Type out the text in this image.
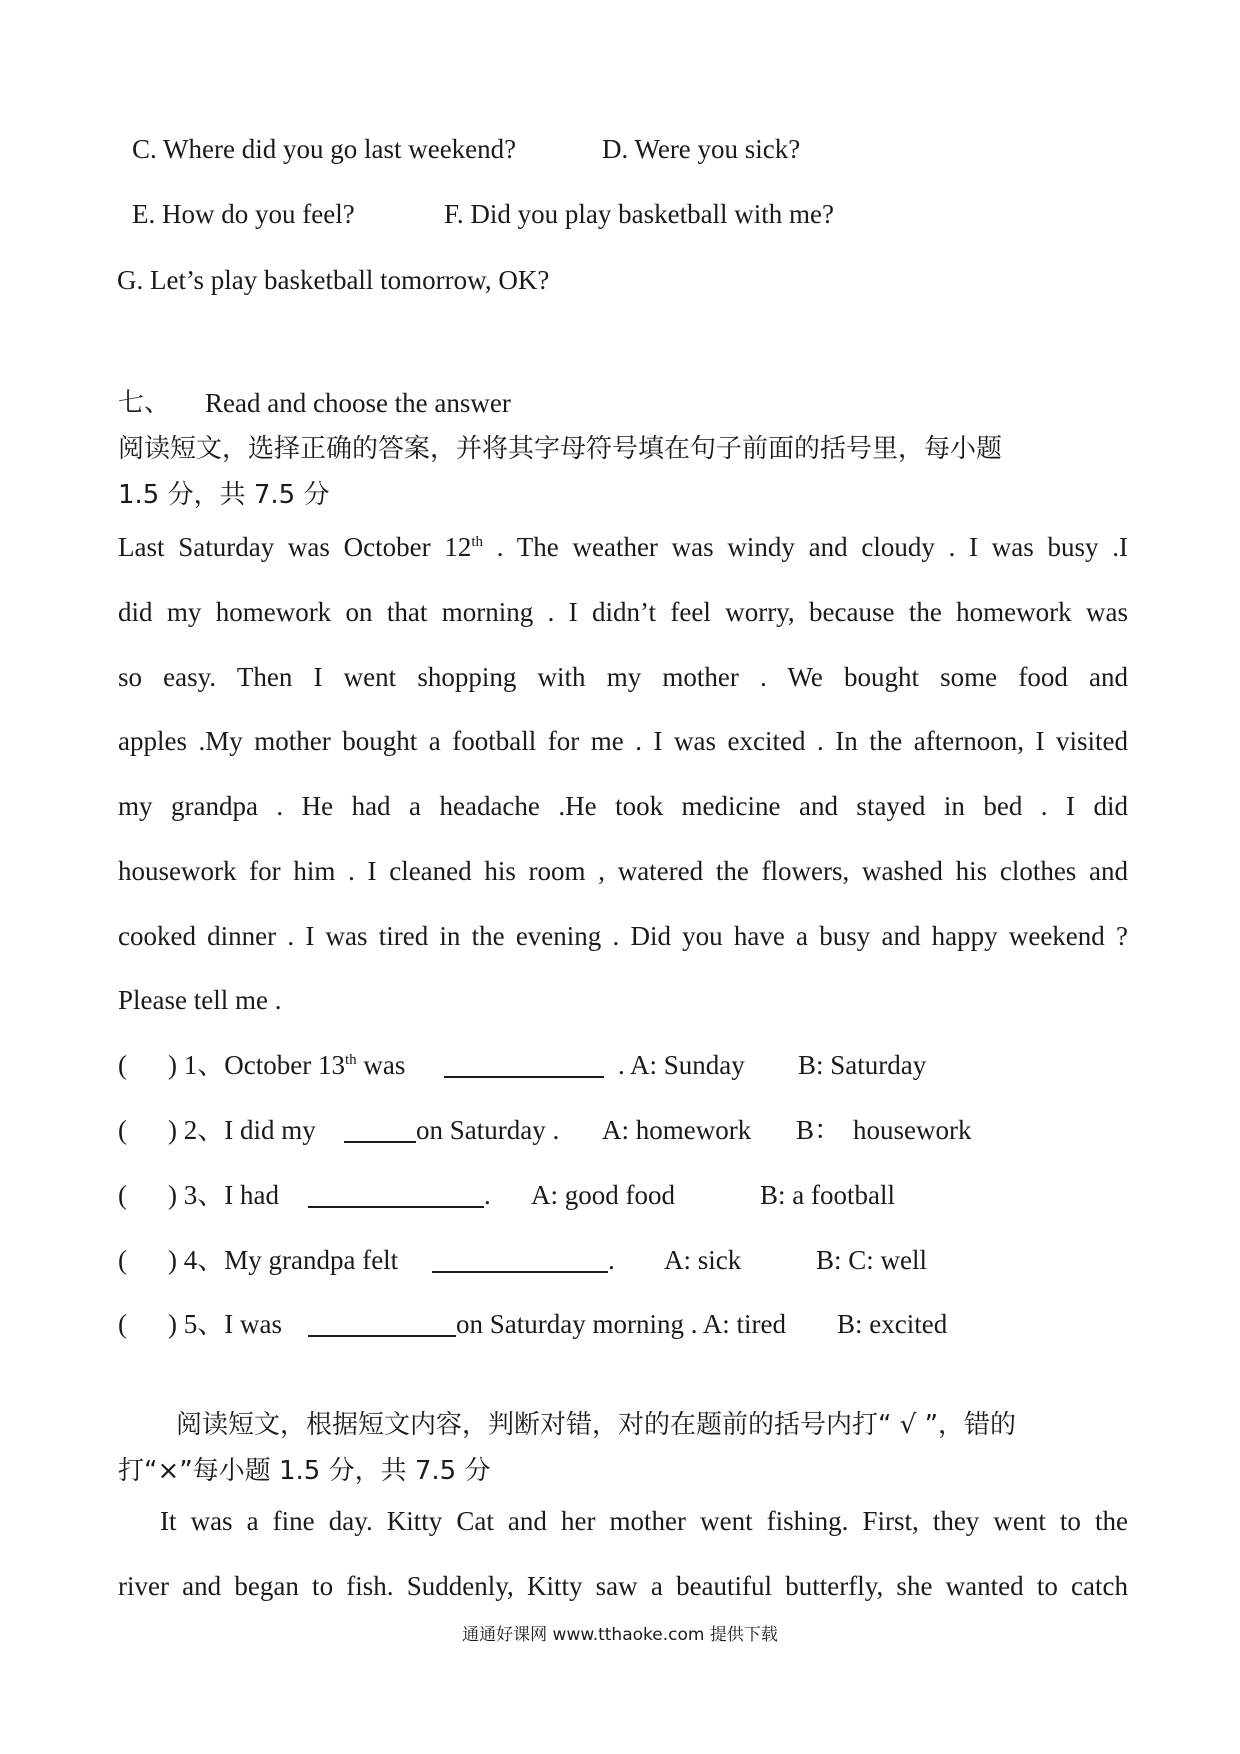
C. Where did you go last weekend?	D. Were you sick?
E. How do you feel?	F. Did you play basketball with me?
G. Let’s play basketball tomorrow, OK?
七、 Read and choose the answer
阅读短文，选择正确的答案，并将其字母符号填在句子前面的括号里，每小题
1.5 分，共 7.5 分
Last Saturday was October 12th . The weather was windy and cloudy . I was busy .I
did my homework on that morning . I didn’t feel worry, because the homework was
so easy. Then I went shopping with my mother . We bought some food and
apples .My mother bought a football for me . I was excited . In the afternoon, I visited
my grandpa . He had a headache .He took medicine and stayed in bed . I did
housework for him . I cleaned his room , watered the flowers, washed his clothes and
cooked dinner . I was tired in the evening . Did you have a busy and happy weekend ?
Please tell me .
( ) 1、October 13th was	. A: Sunday B: Saturday
( ) 2、I did my	on Saturday . A: homework B： housework
( ) 3、I had	. A: good food	B: a football
( ) 4、My grandpa felt	. A: sick	B: C: well
( ) 5、I was	on Saturday morning . A: tired B: excited
阅读短文，根据短文内容，判断对错，对的在题前的括号内打“ √ ”，错的
打“×”每小题 1.5 分，共 7.5 分
It was a fine day. Kitty Cat and her mother went fishing. First, they went to the
river and began to fish. Suddenly, Kitty saw a beautiful butterfly, she wanted to catch
通通好课网 www.tthaoke.com 提供下载
